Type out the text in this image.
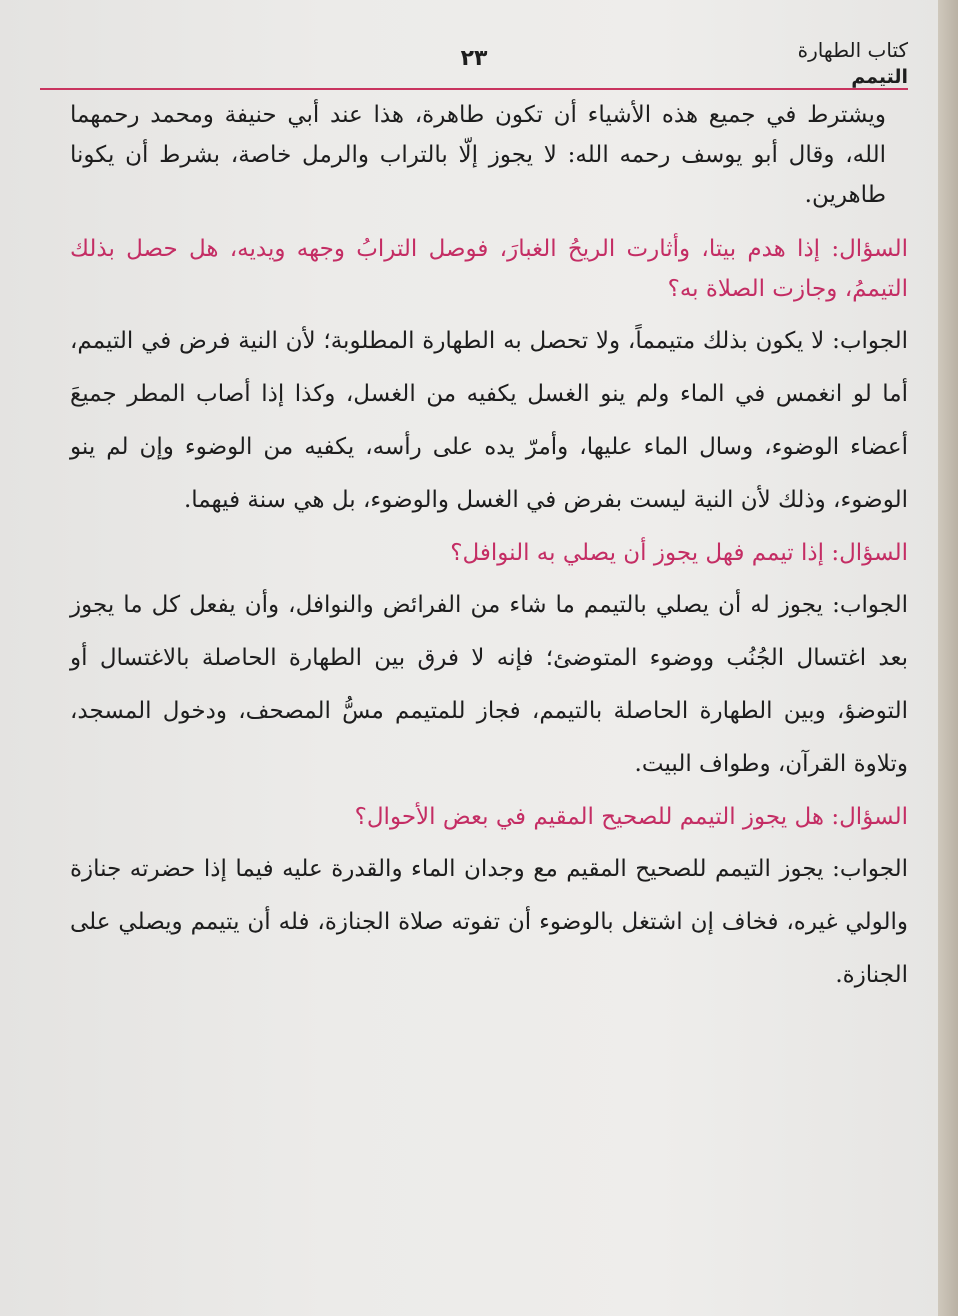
كتاب الطهارة
٢٣
التيمم

ويشترط في جميع هذه الأشياء أن تكون طاهرة، هذا عند أبي حنيفة ومحمد رحمهما الله، وقال أبو يوسف رحمه الله: لا يجوز إلّا بالتراب والرمل خاصة، بشرط أن يكونا طاهرين.

السؤال: إذا هدم بيتا، وأثارت الريحُ الغبارَ، فوصل الترابُ وجهه ويديه، هل حصل بذلك التيممُ، وجازت الصلاة به؟

الجواب: لا يكون بذلك متيمماً، ولا تحصل به الطهارة المطلوبة؛ لأن النية فرض في التيمم، أما لو انغمس في الماء ولم ينو الغسل يكفيه من الغسل، وكذا إذا أصاب المطر جميعَ أعضاء الوضوء، وسال الماء عليها، وأمرّ يده على رأسه، يكفيه من الوضوء وإن لم ينو الوضوء، وذلك لأن النية ليست بفرض في الغسل والوضوء، بل هي سنة فيهما.

السؤال: إذا تيمم فهل يجوز أن يصلي به النوافل؟

الجواب: يجوز له أن يصلي بالتيمم ما شاء من الفرائض والنوافل، وأن يفعل كل ما يجوز بعد اغتسال الجُنُب ووضوء المتوضئ؛ فإنه لا فرق بين الطهارة الحاصلة بالاغتسال أو التوضؤ، وبين الطهارة الحاصلة بالتيمم، فجاز للمتيمم مسُّ المصحف، ودخول المسجد، وتلاوة القرآن، وطواف البيت.

السؤال: هل يجوز التيمم للصحيح المقيم في بعض الأحوال؟

الجواب: يجوز التيمم للصحيح المقيم مع وجدان الماء والقدرة عليه فيما إذا حضرته جنازة والولي غيره، فخاف إن اشتغل بالوضوء أن تفوته صلاة الجنازة، فله أن يتيمم ويصلي على الجنازة.
